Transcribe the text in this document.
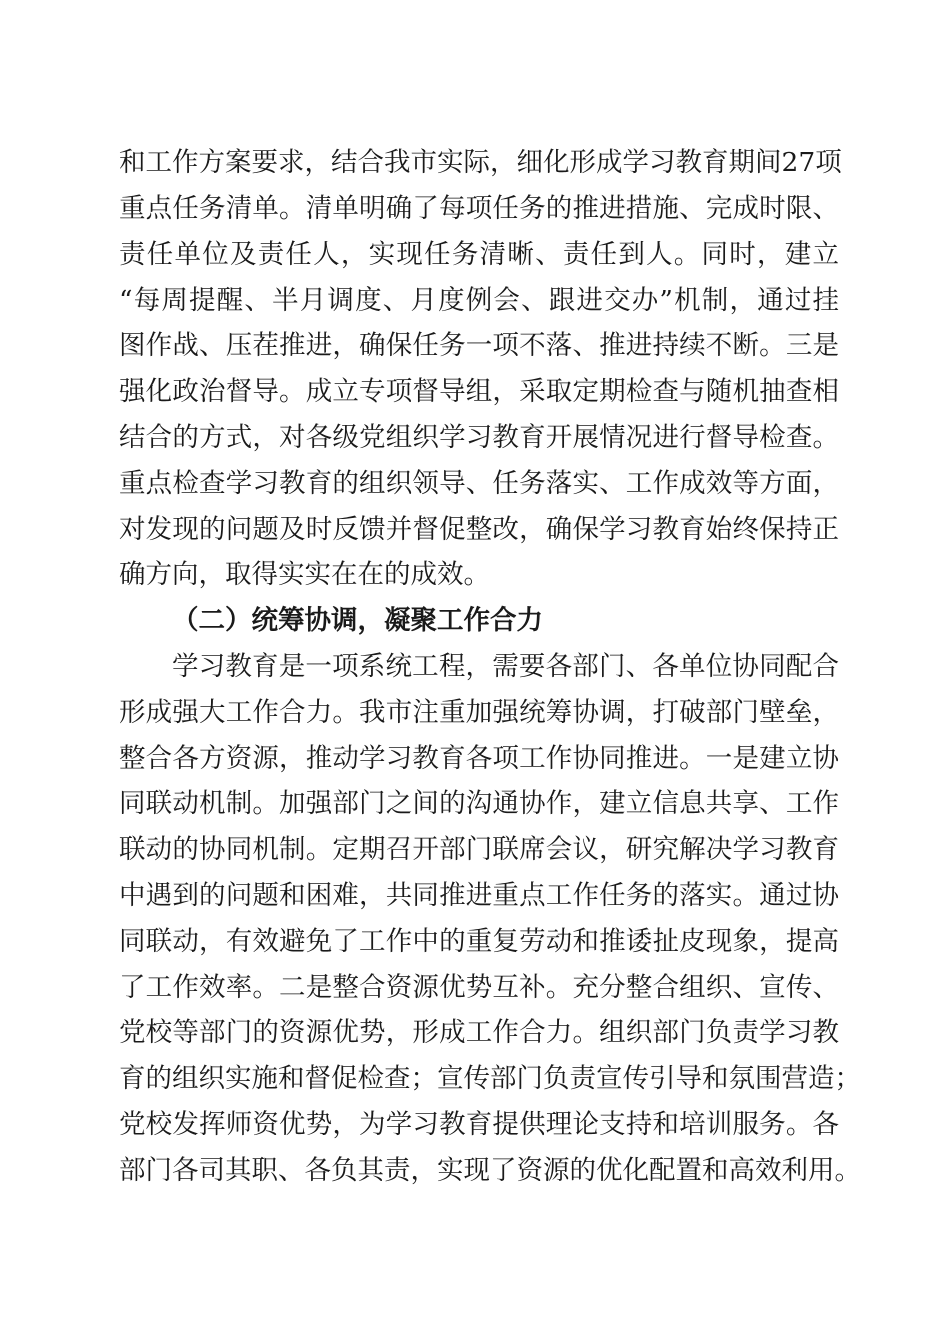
和工作方案要求，结合我市实际，细化形成学习教育期间27项
重点任务清单。清单明确了每项任务的推进措施、完成时限、
责任单位及责任人，实现任务清晰、责任到人。同时，建立
“每周提醒、半月调度、月度例会、跟进交办”机制，通过挂
图作战、压茬推进，确保任务一项不落、推进持续不断。三是
强化政治督导。成立专项督导组，采取定期检查与随机抽查相
结合的方式，对各级党组织学习教育开展情况进行督导检查。
重点检查学习教育的组织领导、任务落实、工作成效等方面，
对发现的问题及时反馈并督促整改，确保学习教育始终保持正
确方向，取得实实在在的成效。
（二）统筹协调，凝聚工作合力
学习教育是一项系统工程，需要各部门、各单位协同配合
形成强大工作合力。我市注重加强统筹协调，打破部门壁垒，
整合各方资源，推动学习教育各项工作协同推进。一是建立协
同联动机制。加强部门之间的沟通协作，建立信息共享、工作
联动的协同机制。定期召开部门联席会议，研究解决学习教育
中遇到的问题和困难，共同推进重点工作任务的落实。通过协
同联动，有效避免了工作中的重复劳动和推诿扯皮现象，提高
了工作效率。二是整合资源优势互补。充分整合组织、宣传、
党校等部门的资源优势，形成工作合力。组织部门负责学习教
育的组织实施和督促检查；宣传部门负责宣传引导和氛围营造；
党校发挥师资优势，为学习教育提供理论支持和培训服务。各
部门各司其职、各负其责，实现了资源的优化配置和高效利用。
